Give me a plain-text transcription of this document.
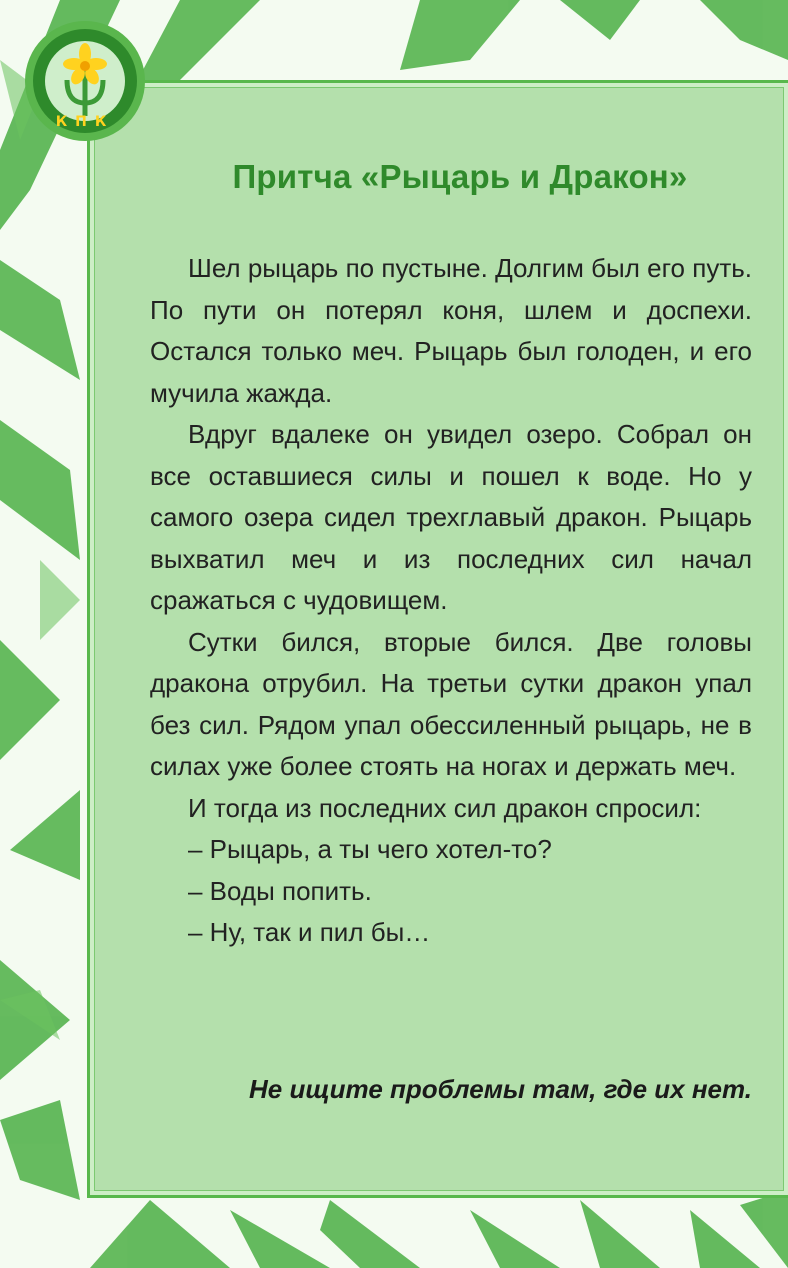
КПК
Притча «Рыцарь и Дракон»

Шел рыцарь по пустыне. Долгим был его путь. По пути он потерял коня, шлем и доспехи. Остался только меч. Рыцарь был голоден, и его мучила жажда.

Вдруг вдалеке он увидел озеро. Собрал он все оставшиеся силы и пошел к воде. Но у самого озера сидел трехглавый дракон. Рыцарь выхватил меч и из последних сил начал сражаться с чудовищем.

Сутки бился, вторые бился. Две головы дракона отрубил. На третьи сутки дракон упал без сил. Рядом упал обессиленный рыцарь, не в силах уже более стоять на ногах и держать меч.

И тогда из последних сил дракон спросил:

– Рыцарь, а ты чего хотел-то?

– Воды попить.

– Ну, так и пил бы…

Не ищите проблемы там, где их нет.
